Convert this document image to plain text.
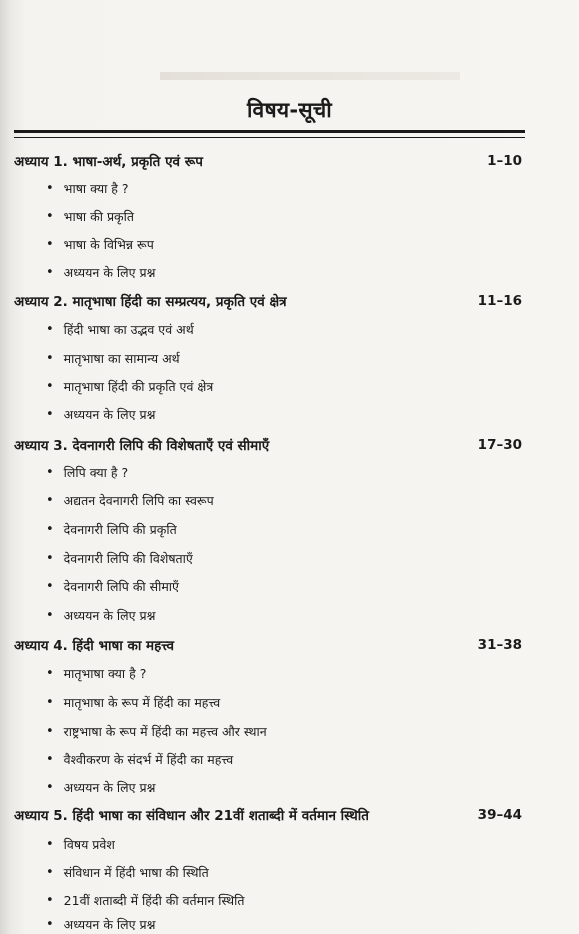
विषय-सूची
अध्याय 1. भाषा-अर्थ, प्रकृति एवं रूप	1–10
• भाषा क्या है ?
• भाषा की प्रकृति
• भाषा के विभिन्न रूप
• अध्ययन के लिए प्रश्न
अध्याय 2. मातृभाषा हिंदी का सम्प्रत्यय, प्रकृति एवं क्षेत्र	11–16
• हिंदी भाषा का उद्भव एवं अर्थ
• मातृभाषा का सामान्य अर्थ
• मातृभाषा हिंदी की प्रकृति एवं क्षेत्र
• अध्ययन के लिए प्रश्न
अध्याय 3. देवनागरी लिपि की विशेषताएँ एवं सीमाएँ	17–30
• लिपि क्या है ?
• अद्यतन देवनागरी लिपि का स्वरूप
• देवनागरी लिपि की प्रकृति
• देवनागरी लिपि की विशेषताएँ
• देवनागरी लिपि की सीमाएँ
• अध्ययन के लिए प्रश्न
अध्याय 4. हिंदी भाषा का महत्त्व	31–38
• मातृभाषा क्या है ?
• मातृभाषा के रूप में हिंदी का महत्त्व
• राष्ट्रभाषा के रूप में हिंदी का महत्त्व और स्थान
• वैश्वीकरण के संदर्भ में हिंदी का महत्त्व
• अध्ययन के लिए प्रश्न
अध्याय 5. हिंदी भाषा का संविधान और 21वीं शताब्दी में वर्तमान स्थिति	39–44
• विषय प्रवेश
• संविधान में हिंदी भाषा की स्थिति
• 21वीं शताब्दी में हिंदी की वर्तमान स्थिति
• अध्ययन के लिए प्रश्न
